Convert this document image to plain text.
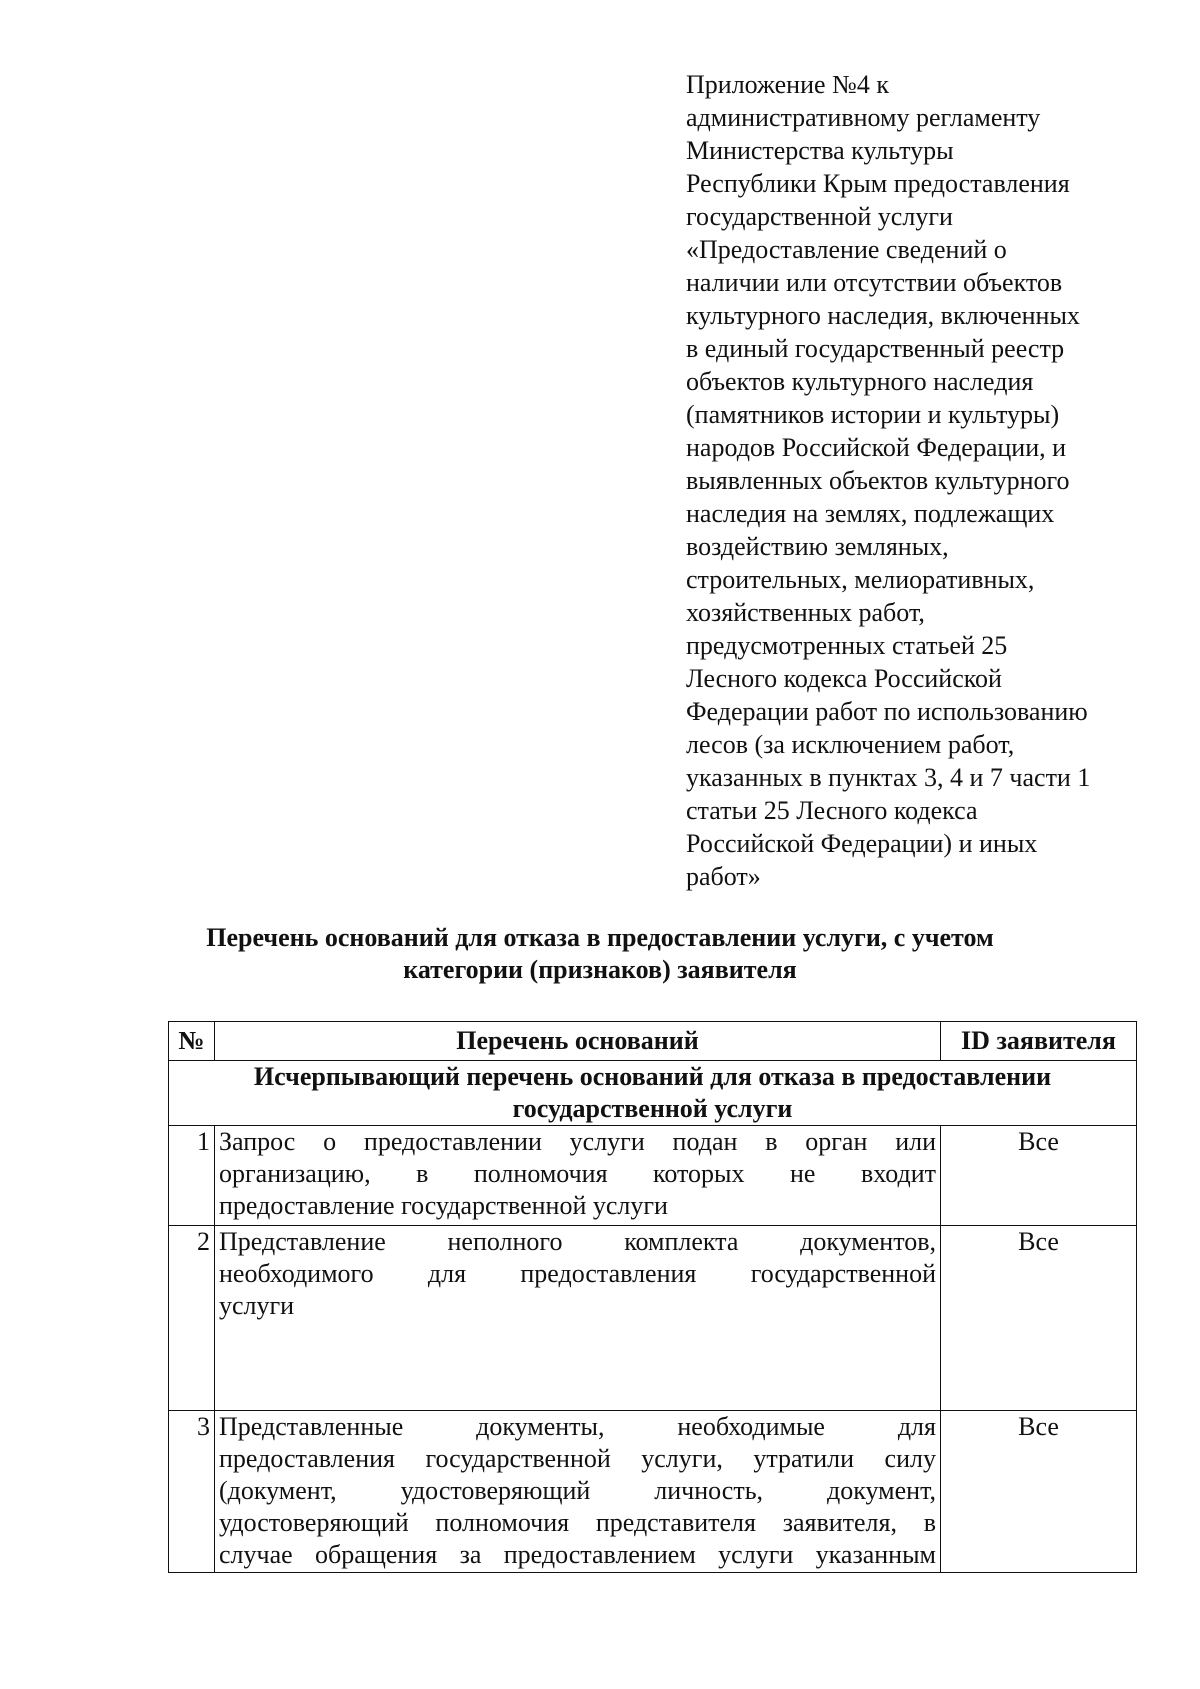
Приложение №4 к
административному регламенту
Министерства культуры
Республики Крым предоставления
государственной услуги
«Предоставление сведений о
наличии или отсутствии объектов
культурного наследия, включенных
в единый государственный реестр
объектов культурного наследия
(памятников истории и культуры)
народов Российской Федерации, и
выявленных объектов культурного
наследия на землях, подлежащих
воздействию земляных,
строительных, мелиоративных,
хозяйственных работ,
предусмотренных статьей 25
Лесного кодекса Российской
Федерации работ по использованию
лесов (за исключением работ,
указанных в пунктах 3, 4 и 7 части 1
статьи 25 Лесного кодекса
Российской Федерации) и иных
работ»
Перечень оснований для отказа в предоставлении услуги, с учетом
категории (признаков) заявителя
№	Перечень оснований	ID заявителя

Исчерпывающий перечень оснований для отказа в предоставлении
государственной услуги		

1	Запрос о предоставлении услуги подан в орган или
организацию, в полномочия которых не входит
предоставление государственной услуги	Все
2	Представление неполного комплекта документов,
необходимого для предоставления государственной
услуги	Все
3	Представленные документы, необходимые для
предоставления государственной услуги, утратили силу
(документ, удостоверяющий личность, документ,
удостоверяющий полномочия представителя заявителя, в
случае обращения за предоставлением услуги указанным	Все
